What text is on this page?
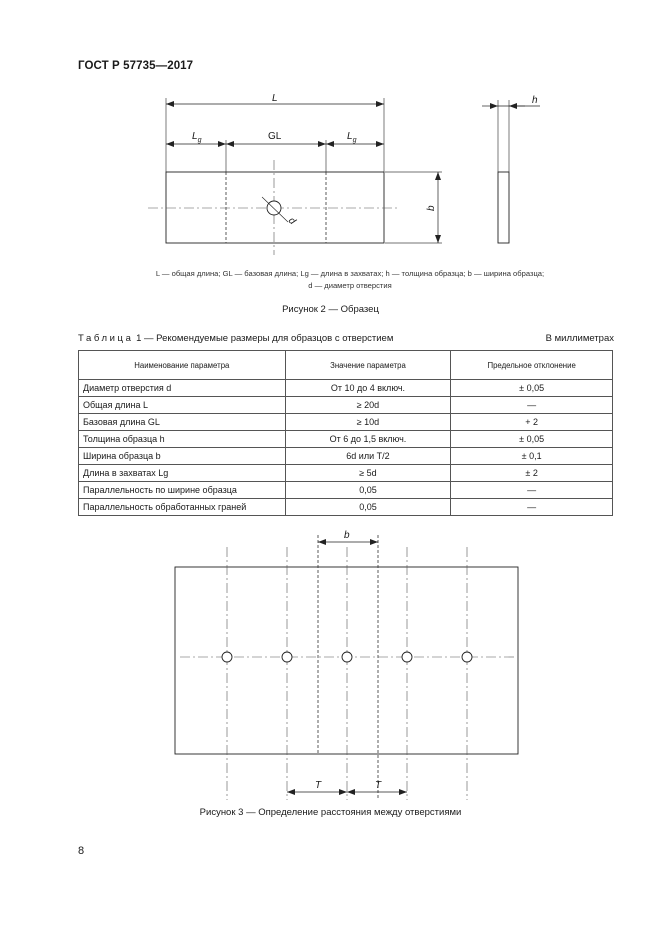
ГОСТ Р 57735—2017
L
$L_g$	GL	$L_g$
d
b
h
L — общая длина; GL — базовая длина; Lg — длина в захватах; h — толщина образца; b — ширина образца;
d — диаметр отверстия
Рисунок 2 — Образец
Таблица 1 — Рекомендуемые размеры для образцов с отверстием	В миллиметрах
Наименование параметра	Значение параметра	Предельное отклонение
Диаметр отверстия d	От 10 до 4 включ.	± 0,05
Общая длина L	≥ 20d	—
Базовая длина GL	≥ 10d	+ 2
Толщина образца h	От 6 до 1,5 включ.	± 0,05
Ширина образца b	6d или T/2	± 0,1
Длина в захватах Lg	≥ 5d	± 2
Параллельность по ширине образца	0,05	—
Параллельность обработанных граней	0,05	—
b
T	T
Рисунок 3 — Определение расстояния между отверстиями
8
